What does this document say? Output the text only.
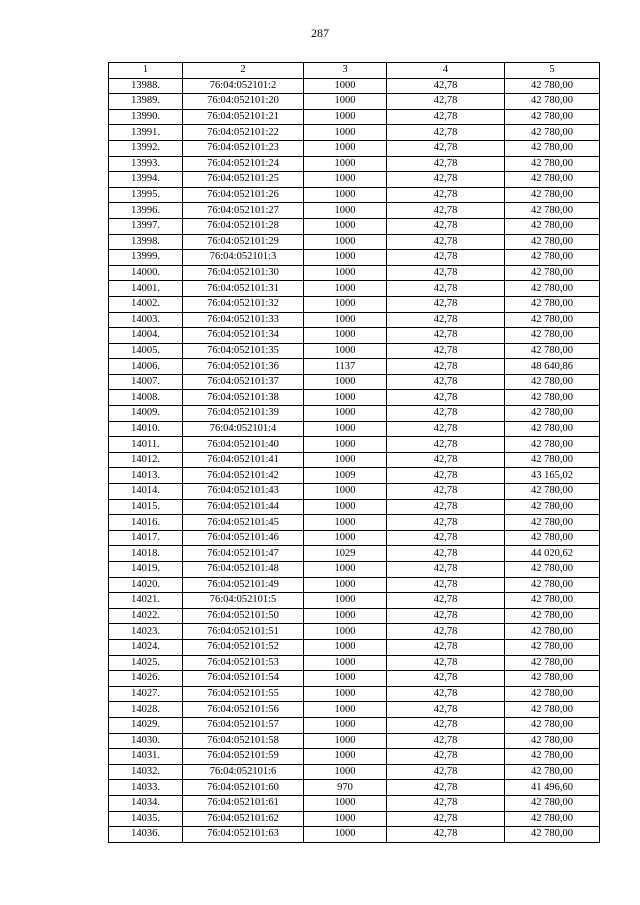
287
1	2	3	4	5
13988.	76:04:052101:2	1000	42,78	42 780,00
13989.	76:04:052101:20	1000	42,78	42 780,00
13990.	76:04:052101:21	1000	42,78	42 780,00
13991.	76:04:052101:22	1000	42,78	42 780,00
13992.	76:04:052101:23	1000	42,78	42 780,00
13993.	76:04:052101:24	1000	42,78	42 780,00
13994.	76:04:052101:25	1000	42,78	42 780,00
13995.	76:04:052101:26	1000	42,78	42 780,00
13996.	76:04:052101:27	1000	42,78	42 780,00
13997.	76:04:052101:28	1000	42,78	42 780,00
13998.	76:04:052101:29	1000	42,78	42 780,00
13999.	76:04:052101:3	1000	42,78	42 780,00
14000.	76:04:052101:30	1000	42,78	42 780,00
14001.	76:04:052101:31	1000	42,78	42 780,00
14002.	76:04:052101:32	1000	42,78	42 780,00
14003.	76:04:052101:33	1000	42,78	42 780,00
14004.	76:04:052101:34	1000	42,78	42 780,00
14005.	76:04:052101:35	1000	42,78	42 780,00
14006.	76:04:052101:36	1137	42,78	48 640,86
14007.	76:04:052101:37	1000	42,78	42 780,00
14008.	76:04:052101:38	1000	42,78	42 780,00
14009.	76:04:052101:39	1000	42,78	42 780,00
14010.	76:04:052101:4	1000	42,78	42 780,00
14011.	76:04:052101:40	1000	42,78	42 780,00
14012.	76:04:052101:41	1000	42,78	42 780,00
14013.	76:04:052101:42	1009	42,78	43 165,02
14014.	76:04:052101:43	1000	42,78	42 780,00
14015.	76:04:052101:44	1000	42,78	42 780,00
14016.	76:04:052101:45	1000	42,78	42 780,00
14017.	76:04:052101:46	1000	42,78	42 780,00
14018.	76:04:052101:47	1029	42,78	44 020,62
14019.	76:04:052101:48	1000	42,78	42 780,00
14020.	76:04:052101:49	1000	42,78	42 780,00
14021.	76:04:052101:5	1000	42,78	42 780,00
14022.	76:04:052101:50	1000	42,78	42 780,00
14023.	76:04:052101:51	1000	42,78	42 780,00
14024.	76:04:052101:52	1000	42,78	42 780,00
14025.	76:04:052101:53	1000	42,78	42 780,00
14026.	76:04:052101:54	1000	42,78	42 780,00
14027.	76:04:052101:55	1000	42,78	42 780,00
14028.	76:04:052101:56	1000	42,78	42 780,00
14029.	76:04:052101:57	1000	42,78	42 780,00
14030.	76:04:052101:58	1000	42,78	42 780,00
14031.	76:04:052101:59	1000	42,78	42 780,00
14032.	76:04:052101:6	1000	42,78	42 780,00
14033.	76:04:052101:60	970	42,78	41 496,60
14034.	76:04:052101:61	1000	42,78	42 780,00
14035.	76:04:052101:62	1000	42,78	42 780,00
14036.	76:04:052101:63	1000	42,78	42 780,00
